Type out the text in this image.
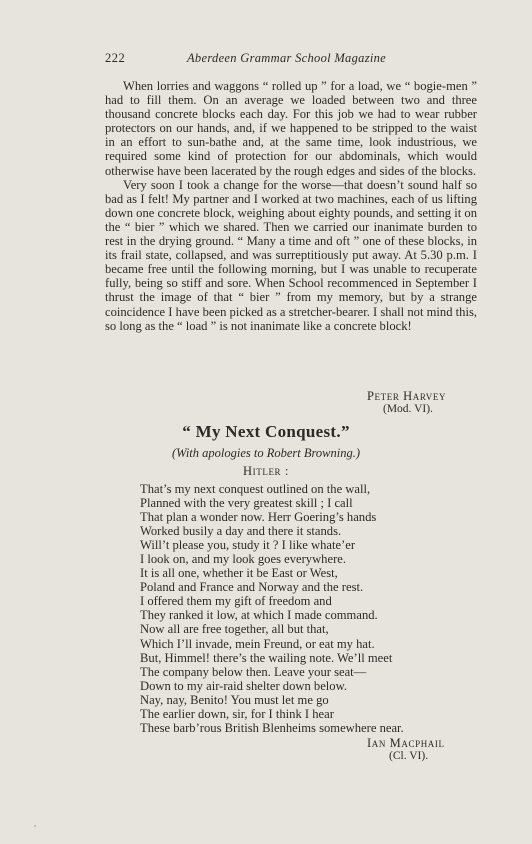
222	Aberdeen Grammar School Magazine

When lorries and waggons “ rolled up ” for a load, we “ bogie-men ” had to fill them. On an average we loaded between two and three thousand concrete blocks each day. For this job we had to wear rubber protectors on our hands, and, if we happened to be stripped to the waist in an effort to sun-bathe and, at the same time, look industrious, we required some kind of protection for our abdominals, which would otherwise have been lacerated by the rough edges and sides of the blocks.

Very soon I took a change for the worse—that doesn’t sound half so bad as I felt! My partner and I worked at two machines, each of us lifting down one concrete block, weighing about eighty pounds, and setting it on the “ bier ” which we shared. Then we carried our inanimate burden to rest in the drying ground. “ Many a time and oft ” one of these blocks, in its frail state, collapsed, and was surreptitiously put away. At 5.30 p.m. I became free until the following morning, but I was unable to recuperate fully, being so stiff and sore. When School recommenced in September I thrust the image of that “ bier ” from my memory, but by a strange coincidence I have been picked as a stretcher-bearer. I shall not mind this, so long as the “ load ” is not inanimate like a concrete block!

Peter Harvey
(Mod. VI).
“ My Next Conquest.”
(With apologies to Robert Browning.)
Hitler :
That’s my next conquest outlined on the wall,
Planned with the very greatest skill ; I call
That plan a wonder now. Herr Goering’s hands
Worked busily a day and there it stands.
Will’t please you, study it ? I like whate’er
I look on, and my look goes everywhere.
It is all one, whether it be East or West,
Poland and France and Norway and the rest.
I offered them my gift of freedom and
They ranked it low, at which I made command.
Now all are free together, all but that,
Which I’ll invade, mein Freund, or eat my hat.
But, Himmel! there’s the wailing note. We’ll meet
The company below then. Leave your seat—
Down to my air-raid shelter down below.
Nay, nay, Benito! You must let me go
The earlier down, sir, for I think I hear
These barb’rous British Blenheims somewhere near.
Ian Macphail
(Cl. VI).
